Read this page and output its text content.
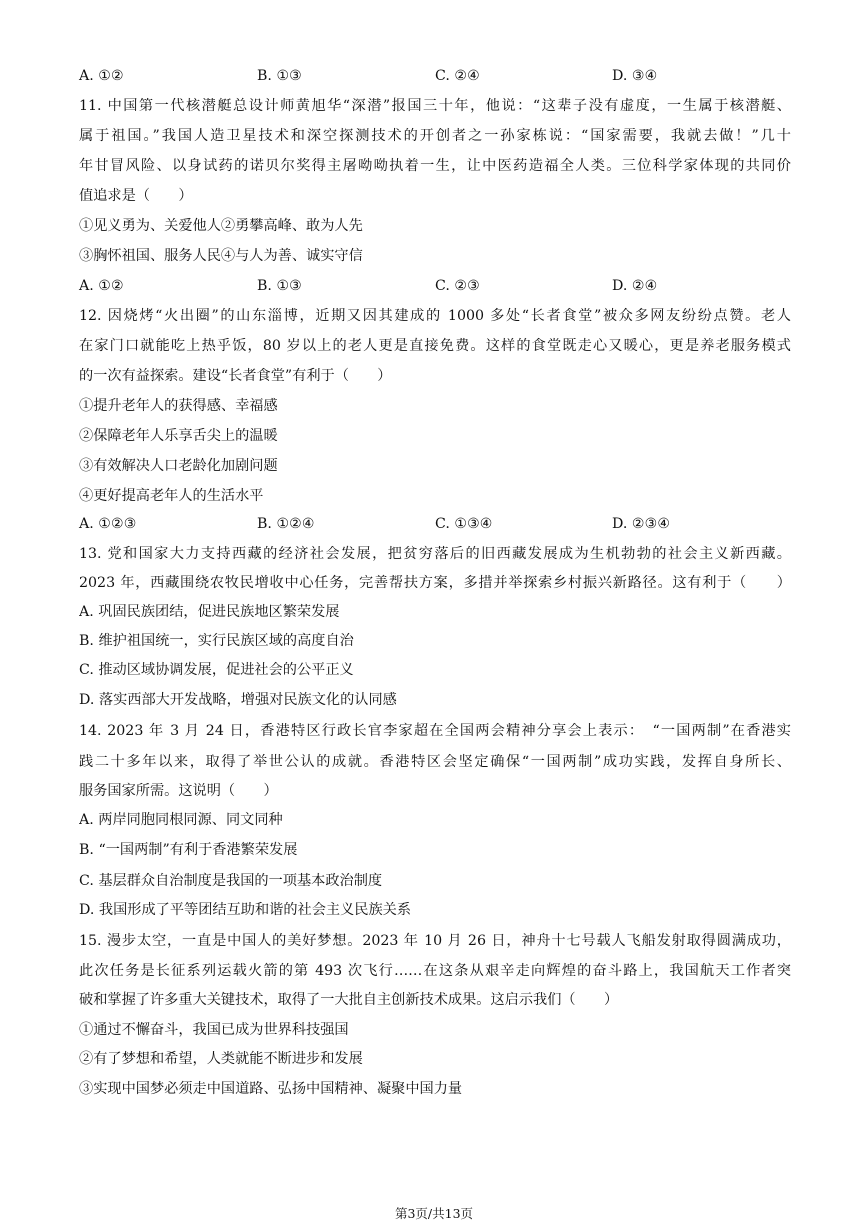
A. ①②	B. ①③	C. ②④	D. ③④
11. 中国第一代核潜艇总设计师黄旭华“深潜”报国三十年，他说：“这辈子没有虚度，一生属于核潜艇、
属于祖国。”我国人造卫星技术和深空探测技术的开创者之一孙家栋说：“国家需要，我就去做！”几十
年甘冒风险、以身试药的诺贝尔奖得主屠呦呦执着一生，让中医药造福全人类。三位科学家体现的共同价
值追求是（　　）
①见义勇为、关爱他人②勇攀高峰、敢为人先
③胸怀祖国、服务人民④与人为善、诚实守信
A. ①②	B. ①③	C. ②③	D. ②④
12. 因烧烤“火出圈”的山东淄博，近期又因其建成的 1000 多处“长者食堂”被众多网友纷纷点赞。老人
在家门口就能吃上热乎饭，80 岁以上的老人更是直接免费。这样的食堂既走心又暖心，更是养老服务模式
的一次有益探索。建设“长者食堂”有利于（　　）
①提升老年人的获得感、幸福感
②保障老年人乐享舌尖上的温暖
③有效解决人口老龄化加剧问题
④更好提高老年人的生活水平
A. ①②③	B. ①②④	C. ①③④	D. ②③④
13. 党和国家大力支持西藏的经济社会发展，把贫穷落后的旧西藏发展成为生机勃勃的社会主义新西藏。
2023 年，西藏围绕农牧民增收中心任务，完善帮扶方案，多措并举探索乡村振兴新路径。这有利于（　　）
A. 巩固民族团结，促进民族地区繁荣发展
B. 维护祖国统一，实行民族区域的高度自治
C. 推动区域协调发展，促进社会的公平正义
D. 落实西部大开发战略，增强对民族文化的认同感
14. 2023 年 3 月 24 日，香港特区行政长官李家超在全国两会精神分享会上表示：　“一国两制”在香港实
践二十多年以来，取得了举世公认的成就。香港特区会坚定确保“一国两制”成功实践，发挥自身所长、
服务国家所需。这说明（　　）
A. 两岸同胞同根同源、同文同种
B. “一国两制”有利于香港繁荣发展
C. 基层群众自治制度是我国的一项基本政治制度
D. 我国形成了平等团结互助和谐的社会主义民族关系
15. 漫步太空，一直是中国人的美好梦想。2023 年 10 月 26 日，神舟十七号载人飞船发射取得圆满成功，
此次任务是长征系列运载火箭的第 493 次飞行……在这条从艰辛走向辉煌的奋斗路上，我国航天工作者突
破和掌握了许多重大关键技术，取得了一大批自主创新技术成果。这启示我们（　　）
①通过不懈奋斗，我国已成为世界科技强国
②有了梦想和希望，人类就能不断进步和发展
③实现中国梦必须走中国道路、弘扬中国精神、凝聚中国力量
第3页/共13页
